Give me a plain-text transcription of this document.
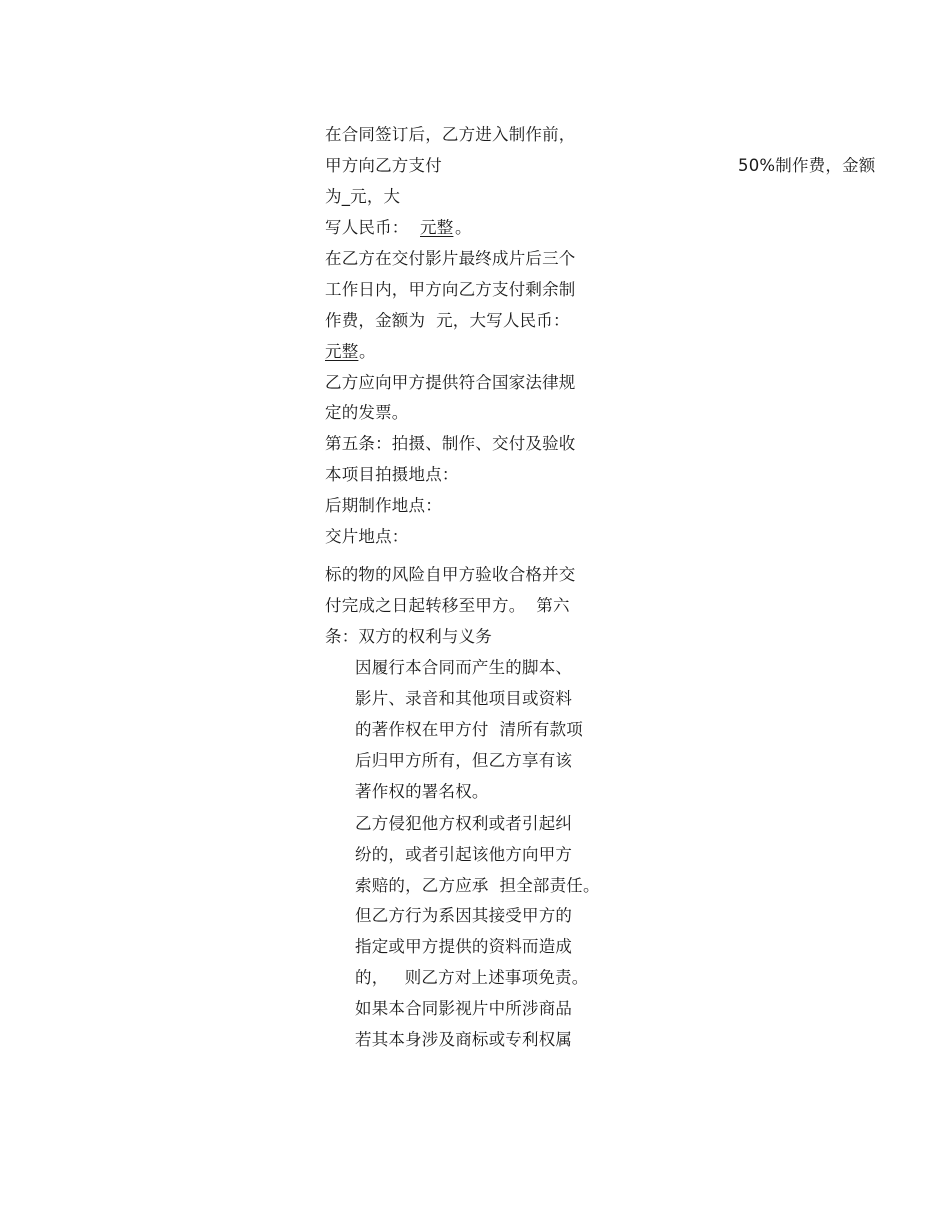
在合同签订后，乙方进入制作前，
甲方向乙方支付	50%制作费，金额
为_元，大
写人民币： 元整 。
在乙方在交付影片最终成片后三个
工作日内，甲方向乙方支付剩余制
作费，金额为  元，大写人民币：
元整 。
乙方应向甲方提供符合国家法律规
定的发票。
第五条：拍摄、制作、交付及验收
本项目拍摄地点：
后期制作地点：
交片地点：
标的物的风险自甲方验收合格并交
付完成之日起转移至甲方。  第六
条：双方的权利与义务
因履行本合同而产生的脚本、
影片、录音和其他项目或资料
的著作权在甲方付  清所有款项
后归甲方所有，但乙方享有该
著作权的署名权。
乙方侵犯他方权利或者引起纠
纷的，或者引起该他方向甲方
索赔的，乙方应承  担全部责任。
但乙方行为系因其接受甲方的
指定或甲方提供的资料而造成
的，   则乙方对上述事项免责。
如果本合同影视片中所涉商品
若其本身涉及商标或专利权属
